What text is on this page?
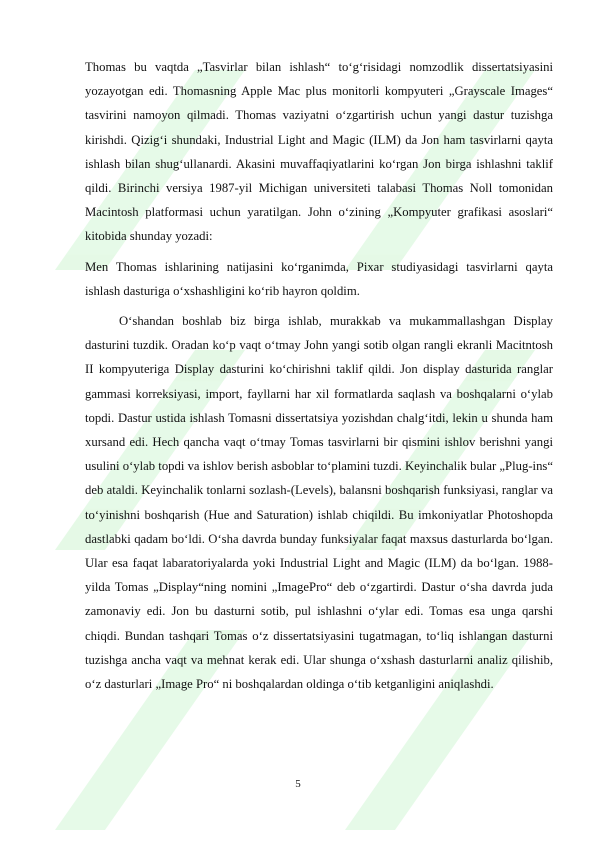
Thomas bu vaqtda „Tasvirlar bilan ishlash“ to‘g‘risidagi nomzodlik dissertatsiyasini yozayotgan edi. Thomasning Apple Mac plus monitorli kompyuteri „Grayscale Images“ tasvirini namoyon qilmadi. Thomas vaziyatni o‘zgartirish uchun yangi dastur tuzishga kirishdi. Qizig‘i shundaki, Industrial Light and Magic (ILM) da Jon ham tasvirlarni qayta ishlash bilan shug‘ullanardi. Akasini muvaffaqiyatlarini ko‘rgan Jon birga ishlashni taklif qildi. Birinchi versiya 1987-yil Michigan universiteti talabasi Thomas Noll tomonidan Macintosh platformasi uchun yaratilgan. John o‘zining „Kompyuter grafikasi asoslari“ kitobida shunday yozadi:

Men Thomas ishlarining natijasini ko‘rganimda, Pixar studiyasidagi tasvirlarni qayta ishlash dasturiga o‘xshashligini ko‘rib hayron qoldim.

O‘shandan boshlab biz birga ishlab, murakkab va mukammallashgan Display dasturini tuzdik. Oradan ko‘p vaqt o‘tmay John yangi sotib olgan rangli ekranli Macitntosh II kompyuteriga Display dasturini ko‘chirishni taklif qildi. Jon display dasturida ranglar gammasi korreksiyasi, import, fayllarni har xil formatlarda saqlash va boshqalarni o‘ylab topdi. Dastur ustida ishlash Tomasni dissertatsiya yozishdan chalg‘itdi, lekin u shunda ham xursand edi. Hech qancha vaqt o‘tmay Tomas tasvirlarni bir qismini ishlov berishni yangi usulini o‘ylab topdi va ishlov berish asboblar to‘plamini tuzdi. Keyinchalik bular „Plug-ins“ deb ataldi. Keyinchalik tonlarni sozlash-(Levels), balansni boshqarish funksiyasi, ranglar va to‘yinishni boshqarish (Hue and Saturation) ishlab chiqildi. Bu imkoniyatlar Photoshopda dastlabki qadam bo‘ldi. O‘sha davrda bunday funksiyalar faqat maxsus dasturlarda bo‘lgan. Ular esa faqat labaratoriyalarda yoki Industrial Light and Magic (ILM) da bo‘lgan. 1988-yilda Tomas „Display“ning nomini „ImagePro“ deb o‘zgartirdi. Dastur o‘sha davrda juda zamonaviy edi. Jon bu dasturni sotib, pul ishlashni o‘ylar edi. Tomas esa unga qarshi chiqdi. Bundan tashqari Tomas o‘z dissertatsiyasini tugatmagan, to‘liq ishlangan dasturni tuzishga ancha vaqt va mehnat kerak edi. Ular shunga o‘xshash dasturlarni analiz qilishib, o‘z dasturlari „Image Pro“ ni boshqalardan oldinga o‘tib ketganligini aniqlashdi.

5
